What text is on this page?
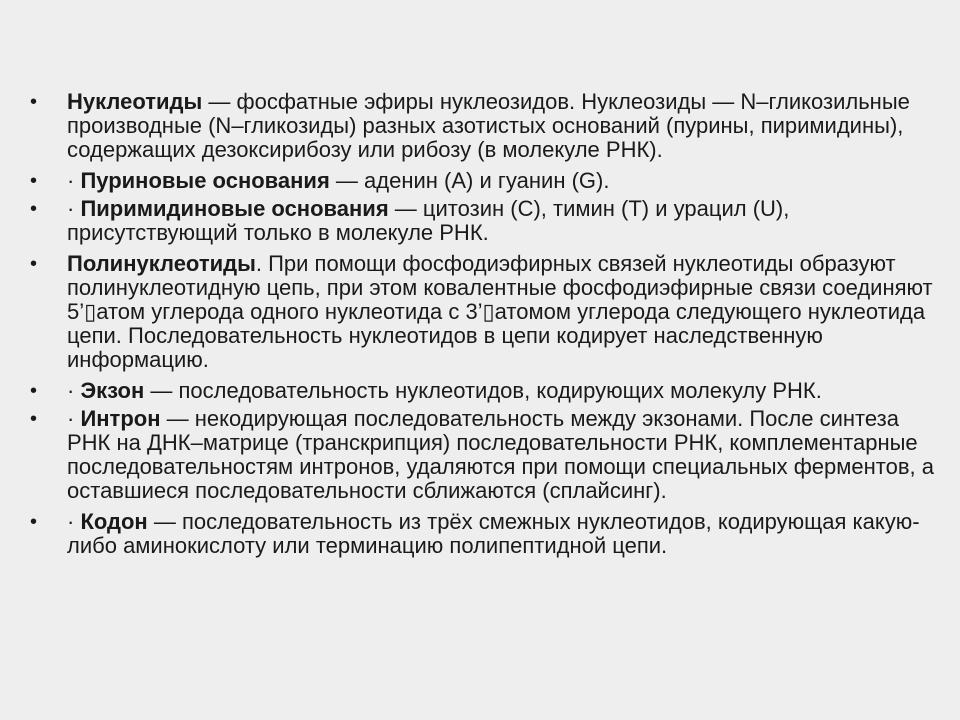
• Нуклеотиды — фосфатные эфиры нуклеозидов. Нуклеозиды — N–гликозильные производные (N–гликозиды) разных азотистых оснований (пурины, пиримидины), содержащих дезоксирибозу или рибозу (в молекуле РНК).
• · Пуриновые основания — аденин (A) и гуанин (G).
• · Пиримидиновые основания — цитозин (C), тимин (T) и урацил (U), присутствующий только в молекуле РНК.
• Полинуклеотиды. При помощи фосфодиэфирных связей нуклеотиды образуют полинуклеотидную цепь, при этом ковалентные фосфодиэфирные связи соединяют 5’▯атом углерода одного нуклеотида с 3’▯атомом углерода следующего нуклеотида цепи. Последовательность нуклеотидов в цепи кодирует наследственную информацию.
• · Экзон — последовательность нуклеотидов, кодирующих молекулу РНК.
• · Интрон — некодирующая последовательность между экзонами. После синтеза РНК на ДНК–матрице (транскрипция) последовательности РНК, комплементарные последовательностям интронов, удаляются при помощи специальных ферментов, а оставшиеся последовательности сближаются (сплайсинг).
• · Кодон — последовательность из трёх смежных нуклеотидов, кодирующая какую-либо аминокислоту или терминацию полипептидной цепи.
